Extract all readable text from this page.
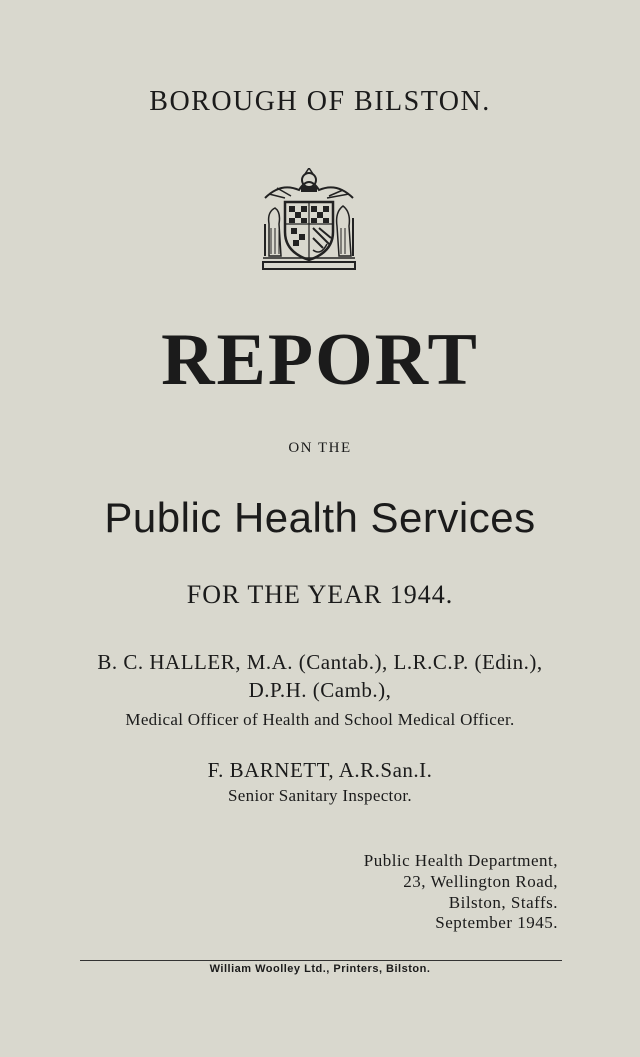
BOROUGH OF BILSTON.
REPORT
ON THE
Public Health Services
FOR THE YEAR 1944.
B. C. HALLER, M.A. (Cantab.), L.R.C.P. (Edin.),
D.P.H. (Camb.),
Medical Officer of Health and School Medical Officer.
F. BARNETT, A.R.San.I.
Senior Sanitary Inspector.
Public Health Department,
23, Wellington Road,
Bilston, Staffs.
September 1945.
William Woolley Ltd., Printers, Bilston.
